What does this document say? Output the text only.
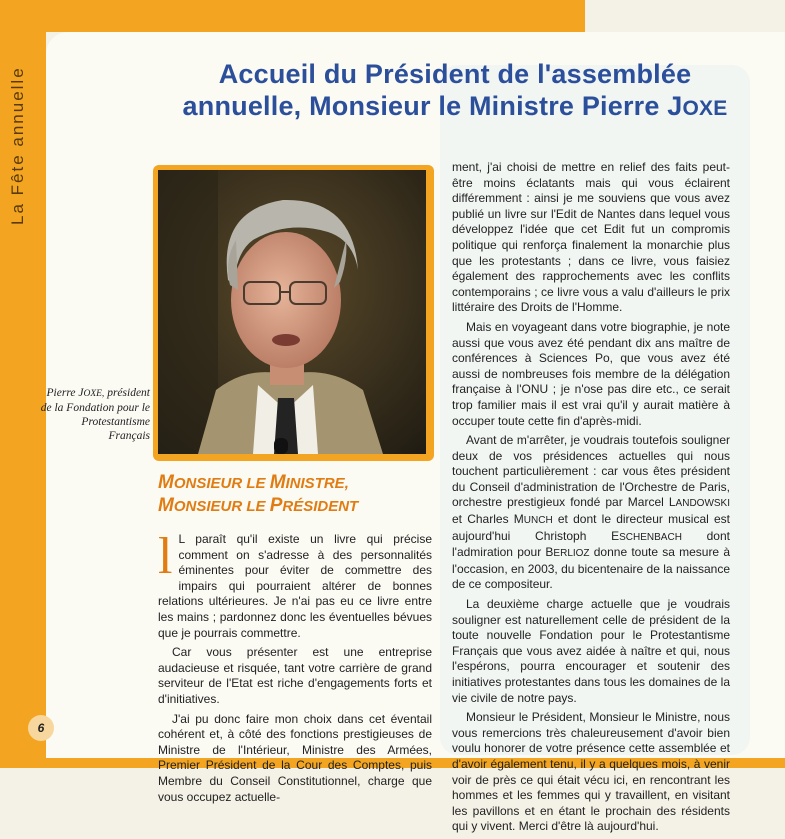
La Fête annuelle	Accueil du Président de l'assemblée
annuelle, Monsieur le Ministre Pierre JOXE
Pierre JOXE, président de la Fondation pour le Protestantisme Français
MONSIEUR LE MINISTRE,
MONSIEUR LE PRÉSIDENT

l L paraît qu'il existe un livre qui précise comment on s'adresse à des personnalités éminentes pour éviter de commettre des impairs qui pourraient altérer de bonnes relations ultérieures. Je n'ai pas eu ce livre entre les mains ; pardonnez donc les éventuelles bévues que je pourrais commettre.

Car vous présenter est une entreprise audacieuse et risquée, tant votre carrière de grand serviteur de l'Etat est riche d'engagements forts et d'initiatives.

J'ai pu donc faire mon choix dans cet éventail cohérent et, à côté des fonctions prestigieuses de Ministre de l'Intérieur, Ministre des Armées, Premier Président de la Cour des Comptes, puis Membre du Conseil Constitutionnel, charge que vous occupez actuelle-

ment, j'ai choisi de mettre en relief des faits peut-être moins éclatants mais qui vous éclairent différemment : ainsi je me souviens que vous avez publié un livre sur l'Edit de Nantes dans lequel vous développez l'idée que cet Edit fut un compromis politique qui renforça finalement la monarchie plus que les protestants ; dans ce livre, vous faisiez également des rapprochements avec les conflits contemporains ; ce livre vous a valu d'ailleurs le prix littéraire des Droits de l'Homme.

Mais en voyageant dans votre biographie, je note aussi que vous avez été pendant dix ans maître de conférences à Sciences Po, que vous avez été aussi de nombreuses fois membre de la délégation française à l'ONU ; je n'ose pas dire etc., ce serait trop familier mais il est vrai qu'il y aurait matière à occuper toute cette fin d'après-midi.

Avant de m'arrêter, je voudrais toutefois souligner deux de vos présidences actuelles qui nous touchent particulièrement : car vous êtes président du Conseil d'administration de l'Orchestre de Paris, orchestre prestigieux fondé par Marcel LANDOWSKI et Charles MUNCH et dont le directeur musical est aujourd'hui Christoph ESCHENBACH dont l'admiration pour BERLIOZ donne toute sa mesure à l'occasion, en 2003, du bicentenaire de la naissance de ce compositeur.

La deuxième charge actuelle que je voudrais souligner est naturellement celle de président de la toute nouvelle Fondation pour le Protestantisme Français que vous avez aidée à naître et qui, nous l'espérons, pourra encourager et soutenir des initiatives protestantes dans tous les domaines de la vie civile de notre pays.

Monsieur le Président, Monsieur le Ministre, nous vous remercions très chaleureusement d'avoir bien voulu honorer de votre présence cette assemblée et d'avoir également tenu, il y a quelques mois, à venir voir de près ce qui était vécu ici, en rencontrant les hommes et les femmes qui y travaillent, en visitant les pavillons et en étant le prochain des résidents qui y vivent. Merci d'être là aujourd'hui.

6
